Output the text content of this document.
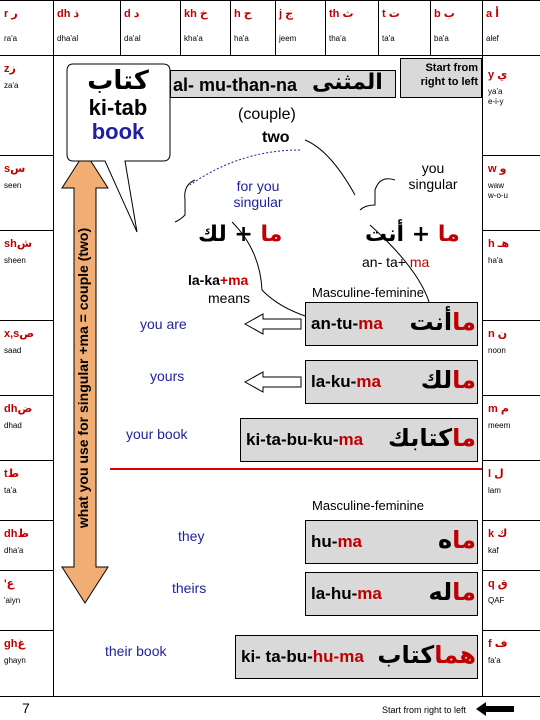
a أ
alef
b ب
ba'a
t ت
ta'a
th ث
tha'a
j ج
jeem
h ح
ha'a
kh خ
kha'a
d د
da'al
dh ذ
dha'al
r ر
ra'a
zز
za'a
sس
seen
shش
sheen
x,sص
saad
dhض
dhad
tط
ta'a
dhظ
dha'a
'ع
'aiyn
ghغ
ghayn
y ي
ya'a
e-i-y
w و
waw
w-o-u
h هـ
ha'a
n ن
noon
m م
meem
l ل
lam
k ك
kaf
q ق
QAF
f ف
fa'a
Start from right to left
what you use for singular +ma = couple (two)
كتاب
ki-tab
book
al- mu-than-na المثنى
(couple)
two
for you singular
you singular
ما + لك
la-ka+ma
means
ما + أنت
an- ta+ ma
Masculine-feminine
Masculine-feminine
an-tu-ma	ماأنت
you are
la-ku-ma	مالك
yours
ki-ta-bu-ku-ma	ماكتابك
your book
hu-ma	ماه
they
la-hu-ma	ماله
theirs
ki- ta-bu-hu-ma	هماكتاب
their book
7	Start from right to left
